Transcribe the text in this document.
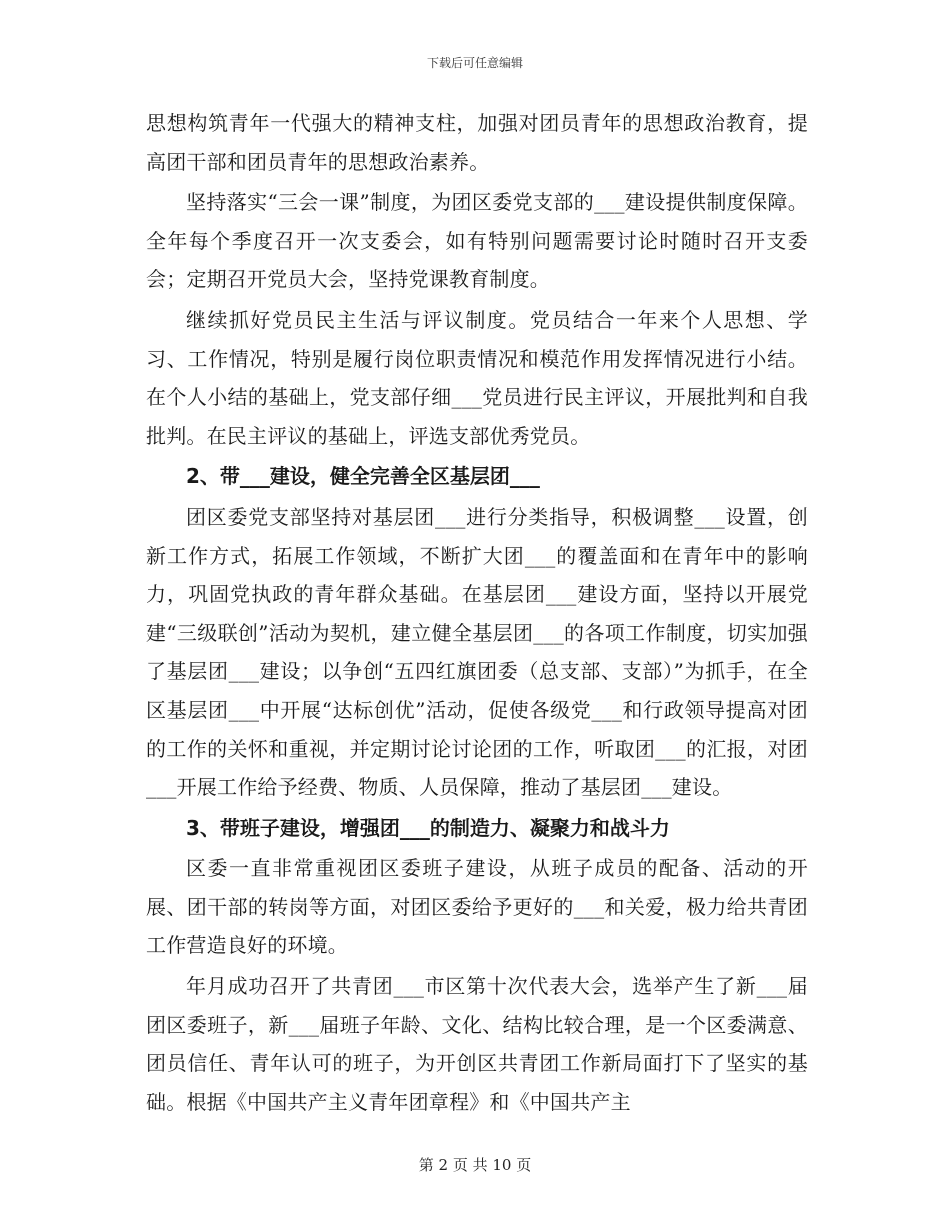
下载后可任意编辑

思想构筑青年一代强大的精神支柱，加强对团员青年的思想政治教育，提高团干部和团员青年的思想政治素养。

坚持落实“三会一课”制度，为团区委党支部的___建设提供制度保障。全年每个季度召开一次支委会，如有特别问题需要讨论时随时召开支委会；定期召开党员大会，坚持党课教育制度。

继续抓好党员民主生活与评议制度。党员结合一年来个人思想、学习、工作情况，特别是履行岗位职责情况和模范作用发挥情况进行小结。在个人小结的基础上，党支部仔细___党员进行民主评议，开展批判和自我批判。在民主评议的基础上，评选支部优秀党员。

2、带___建设，健全完善全区基层团___

团区委党支部坚持对基层团___进行分类指导，积极调整___设置，创新工作方式，拓展工作领域，不断扩大团___的覆盖面和在青年中的影响力，巩固党执政的青年群众基础。在基层团___建设方面，坚持以开展党建“三级联创”活动为契机，建立健全基层团___的各项工作制度，切实加强了基层团___建设；以争创“五四红旗团委（总支部、支部）”为抓手，在全区基层团___中开展“达标创优”活动，促使各级党___和行政领导提高对团的工作的关怀和重视，并定期讨论讨论团的工作，听取团___的汇报，对团___开展工作给予经费、物质、人员保障，推动了基层团___建设。

3、带班子建设，增强团___的制造力、凝聚力和战斗力

区委一直非常重视团区委班子建设，从班子成员的配备、活动的开展、团干部的转岗等方面，对团区委给予更好的___和关爱，极力给共青团工作营造良好的环境。

年月成功召开了共青团___市区第十次代表大会，选举产生了新___届团区委班子，新___届班子年龄、文化、结构比较合理，是一个区委满意、团员信任、青年认可的班子，为开创区共青团工作新局面打下了坚实的基础。根据《中国共产主义青年团章程》和《中国共产主

第 2 页 共 10 页
